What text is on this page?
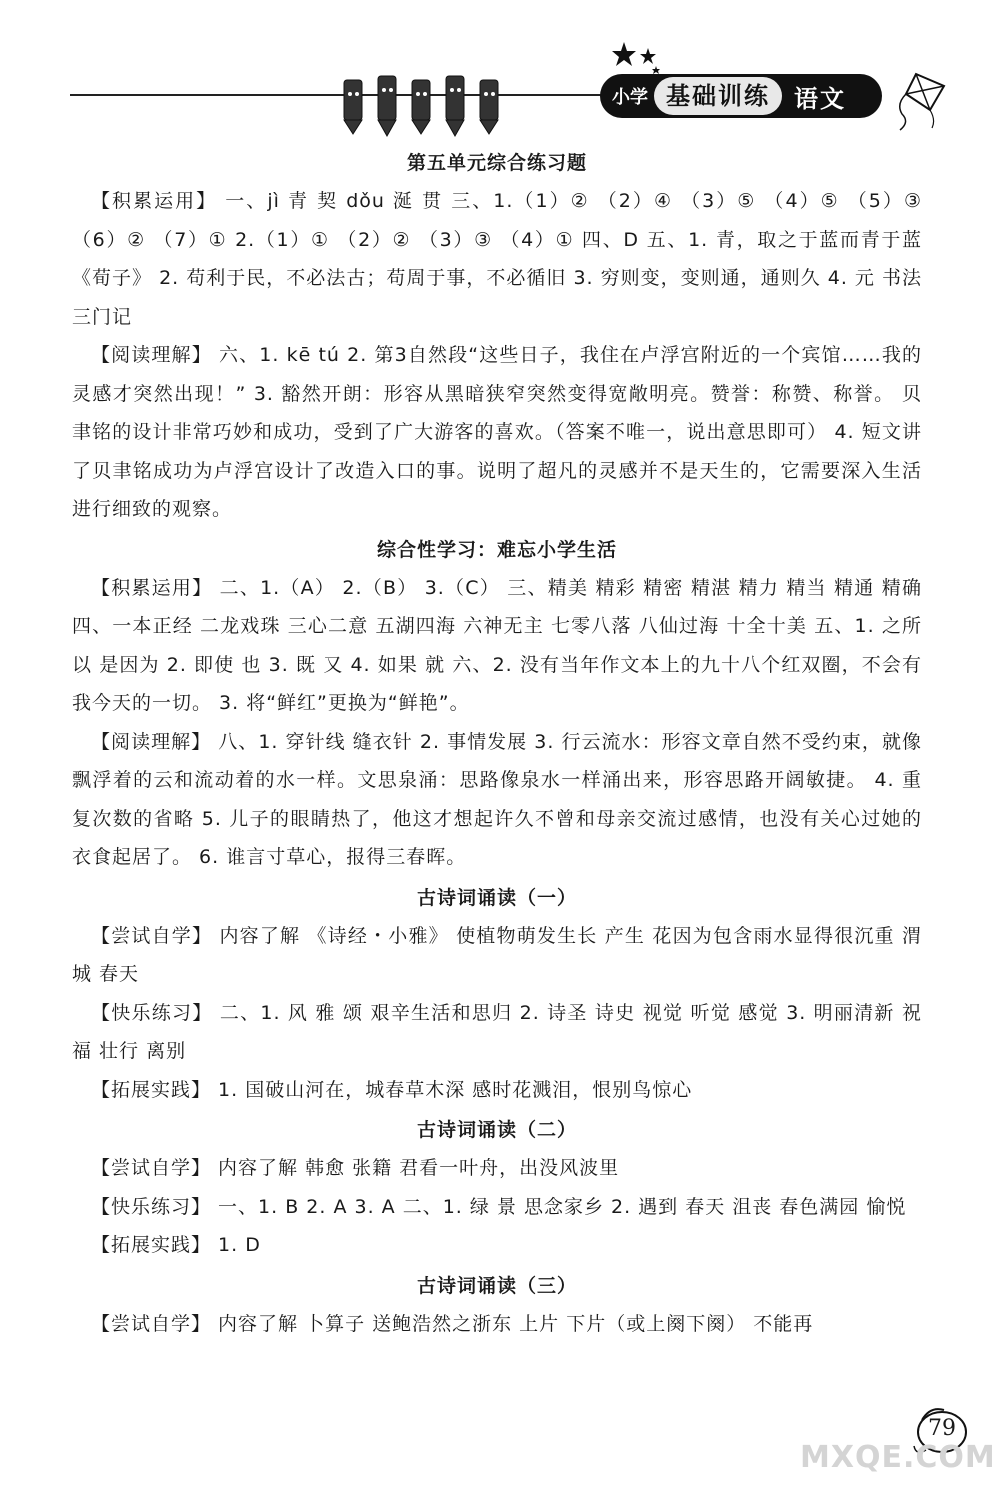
小学 基础训练	语文
第五单元综合练习题

【积累运用】 一、jì 青 契 dǒu 涎 贯 三、1.（1）② （2）④ （3）⑤ （4）⑤ （5）③ （6）② （7）① 2.（1）① （2）② （3）③ （4）① 四、D 五、1. 青，取之于蓝而青于蓝 《荀子》 2. 苟利于民，不必法古；苟周于事，不必循旧 3. 穷则变，变则通，通则久 4. 元 书法 三门记

【阅读理解】 六、1. kē tú 2. 第3自然段“这些日子，我住在卢浮宫附近的一个宾馆……我的灵感才突然出现！” 3. 豁然开朗：形容从黑暗狭窄突然变得宽敞明亮。赞誉：称赞、称誉。 贝聿铭的设计非常巧妙和成功，受到了广大游客的喜欢。（答案不唯一，说出意思即可） 4. 短文讲了贝聿铭成功为卢浮宫设计了改造入口的事。说明了超凡的灵感并不是天生的，它需要深入生活进行细致的观察。

综合性学习：难忘小学生活

【积累运用】 二、1.（A） 2.（B） 3.（C） 三、精美 精彩 精密 精湛 精力 精当 精通 精确 四、一本正经 二龙戏珠 三心二意 五湖四海 六神无主 七零八落 八仙过海 十全十美 五、1. 之所以 是因为 2. 即使 也 3. 既 又 4. 如果 就 六、2. 没有当年作文本上的九十八个红双圈，不会有我今天的一切。 3. 将“鲜红”更换为“鲜艳”。

【阅读理解】 八、1. 穿针线 缝衣针 2. 事情发展 3. 行云流水：形容文章自然不受约束，就像飘浮着的云和流动着的水一样。文思泉涌：思路像泉水一样涌出来，形容思路开阔敏捷。 4. 重复次数的省略 5. 儿子的眼睛热了，他这才想起许久不曾和母亲交流过感情，也没有关心过她的衣食起居了。 6. 谁言寸草心，报得三春晖。

古诗词诵读（一）

【尝试自学】 内容了解 《诗经・小雅》 使植物萌发生长 产生 花因为包含雨水显得很沉重 渭城 春天

【快乐练习】 二、1. 风 雅 颂 艰辛生活和思归 2. 诗圣 诗史 视觉 听觉 感觉 3. 明丽清新 祝福 壮行 离别

【拓展实践】 1. 国破山河在，城春草木深 感时花溅泪，恨别鸟惊心

古诗词诵读（二）

【尝试自学】 内容了解 韩愈 张籍 君看一叶舟，出没风波里

【快乐练习】 一、1. B 2. A 3. A 二、1. 绿 景 思念家乡 2. 遇到 春天 沮丧 春色满园 愉悦

【拓展实践】 1. D

古诗词诵读（三）

【尝试自学】 内容了解 卜算子 送鲍浩然之浙东 上片 下片（或上阕下阕） 不能再

79
MXQE.COM
